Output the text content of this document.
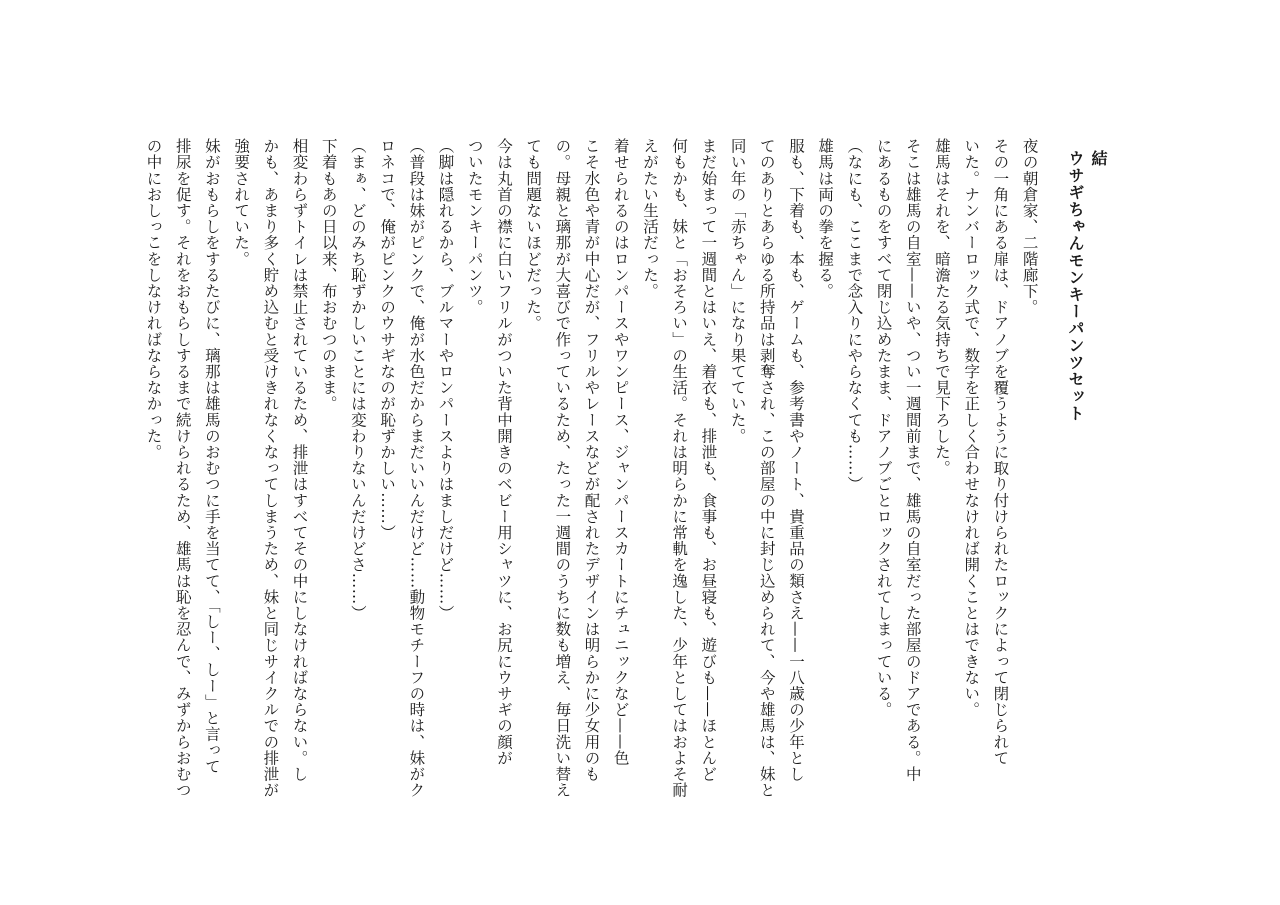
結
ウサギちゃんモンキーパンツセット

夜の朝倉家、二階廊下。
その一角にある扉は、ドアノブを覆うように取り付けられたロックによって閉じられて
いた。ナンバーロック式で、数字を正しく合わせなければ開くことはできない。
雄馬はそれを、暗澹たる気持ちで見下ろした。
そこは雄馬の自室——いや、つい一週間前まで、雄馬の自室だった部屋のドアである。中
にあるものをすべて閉じ込めたまま、ドアノブごとロックされてしまっている。
（なにも、ここまで念入りにやらなくても……）
雄馬は両の拳を握る。
服も、下着も、本も、ゲームも、参考書やノート、貴重品の類さえ——一八歳の少年とし
てのありとあらゆる所持品は剥奪され、この部屋の中に封じ込められて、今や雄馬は、妹と
同い年の「赤ちゃん」になり果てていた。
まだ始まって一週間とはいえ、着衣も、排泄も、食事も、お昼寝も、遊びも——ほとんど
何もかも、妹と「おそろい」の生活。それは明らかに常軌を逸した、少年としてはおよそ耐
えがたい生活だった。
着せられるのはロンパースやワンピース、ジャンパースカートにチュニックなど——色
こそ水色や青が中心だが、フリルやレースなどが配されたデザインは明らかに少女用のも
の。母親と璃那が大喜びで作っているため、たった一週間のうちに数も増え、毎日洗い替え
ても問題ないほどだった。
今は丸首の襟に白いフリルがついた背中開きのベビー用シャツに、お尻にウサギの顔が
ついたモンキーパンツ。
（脚は隠れるから、ブルマーやロンパースよりはましだけど……）
（普段は妹がピンクで、俺が水色だからまだいいんだけど……動物モチーフの時は、妹がク
ロネコで、俺がピンクのウサギなのが恥ずかしい……）
（まぁ、どのみち恥ずかしいことには変わりないんだけどさ……）
下着もあの日以来、布おむつのまま。
相変わらずトイレは禁止されているため、排泄はすべてその中にしなければならない。し
かも、あまり多く貯め込むと受けきれなくなってしまうため、妹と同じサイクルでの排泄が
強要されていた。
妹がおもらしをするたびに、璃那は雄馬のおむつに手を当てて、「しー、しー」と言って
排尿を促す。それをおもらしするまで続けられるため、雄馬は恥を忍んで、みずからおむつ
の中におしっこをしなければならなかった。
